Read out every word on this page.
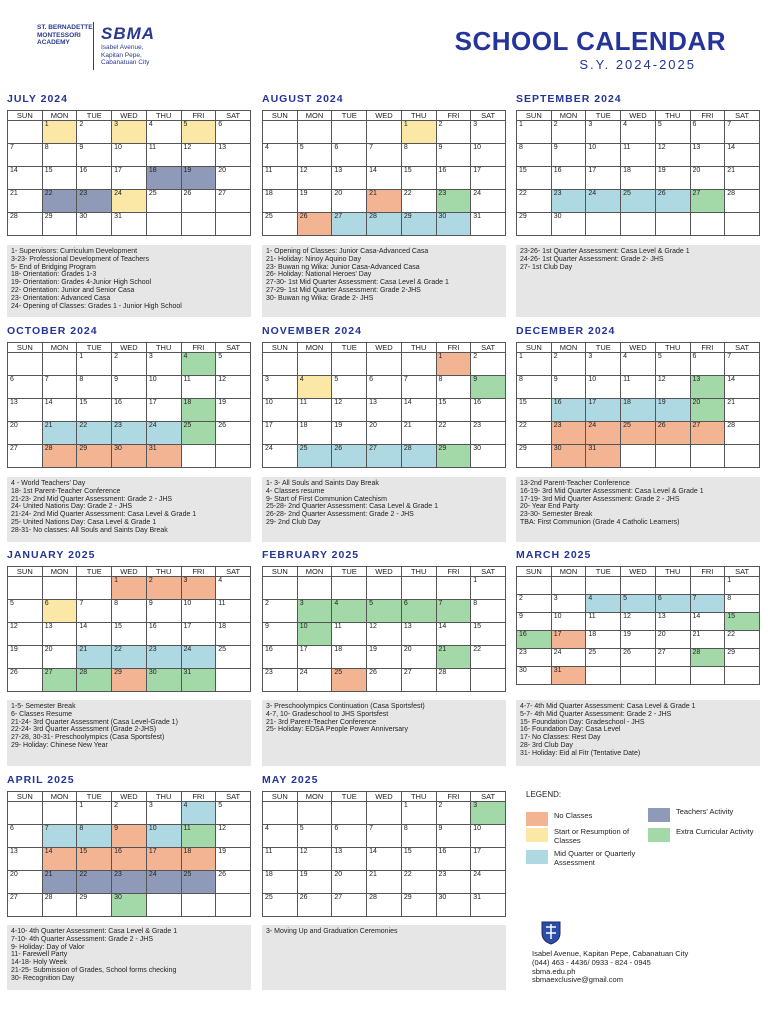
ST. BERNADETTE MONTESSORI ACADEMY	SBMA
Isabel Avenue,
Kapitan Pepe,
Cabanatuan City
SCHOOL CALENDAR
S.Y. 2024-2025
JULY 2024
SUN	MON	TUE	WED	THU	FRI	SAT
	1	2	3	4	5	6
7	8	9	10	11	12	13
14	15	16	17	18	19	20
21	22	23	24	25	26	27
28	29	30	31			
1- Supervisors: Curriculum Development
3-23- Professional Development of Teachers
5- End of Bridging Program
18- Orientation: Grades 1-3
19- Orientation: Grades 4-Junior High School
22- Orientation: Junior and Senior Casa
23- Orientation: Advanced Casa
24- Opening of Classes: Grades 1 - Junior High School
AUGUST 2024
SUN	MON	TUE	WED	THU	FRI	SAT
				1	2	3
4	5	6	7	8	9	10
11	12	13	14	15	16	17
18	19	20	21	22	23	24
25	26	27	28	29	30	31
1- Opening of Classes: Junior Casa-Advanced Casa
21- Holiday: Ninoy Aquino Day
23- Buwan ng Wika: Junior Casa-Advanced Casa
26- Holiday: National Heroes' Day
27-30- 1st Mid Quarter Assessment: Casa Level & Grade 1
27-29- 1st Mid Quarter Assessment: Grade 2-JHS
30- Buwan ng Wika: Grade 2- JHS
SEPTEMBER 2024
SUN	MON	TUE	WED	THU	FRI	SAT
1	2	3	4	5	6	7
8	9	10	11	12	13	14
15	16	17	18	19	20	21
22	23	24	25	26	27	28
29	30					
23-26- 1st Quarter Assessment: Casa Level & Grade 1
24-26- 1st Quarter Assessment: Grade 2- JHS
27- 1st Club Day
OCTOBER 2024
SUN	MON	TUE	WED	THU	FRI	SAT
		1	2	3	4	5
6	7	8	9	10	11	12
13	14	15	16	17	18	19
20	21	22	23	24	25	26
27	28	29	30	31		
4 - World Teachers' Day
18- 1st Parent-Teacher Conference
21-23- 2nd Mid Quarter Assessment: Grade 2 - JHS
24- United Nations Day: Grade 2 - JHS
21-24- 2nd Mid Quarter Assessment: Casa Level & Grade 1
25- United Nations Day: Casa Level & Grade 1
28-31- No classes: All Souls and Saints Day Break
NOVEMBER 2024
SUN	MON	TUE	WED	THU	FRI	SAT
					1	2
3	4	5	6	7	8	9
10	11	12	13	14	15	16
17	18	19	20	21	22	23
24	25	26	27	28	29	30
1- 3- All Souls and Saints Day Break
4- Classes resume
9- Start of First Communion Catechism
25-28- 2nd Quarter Assessment: Casa Level & Grade 1
26-28- 2nd Quarter Assessment: Grade 2 - JHS
29- 2nd Club Day
DECEMBER 2024
SUN	MON	TUE	WED	THU	FRI	SAT
1	2	3	4	5	6	7
8	9	10	11	12	13	14
15	16	17	18	19	20	21
22	23	24	25	26	27	28
29	30	31				
13-2nd Parent-Teacher Conference
16-19- 3rd Mid Quarter Assessment: Casa Level & Grade 1
17-19- 3rd Mid Quarter Assessment: Grade 2 - JHS
20- Year End Party
23-30- Semester Break
TBA: First Communion (Grade 4 Catholic Learners)
JANUARY 2025
SUN	MON	TUE	WED	THU	FRI	SAT
			1	2	3	4
5	6	7	8	9	10	11
12	13	14	15	16	17	18
19	20	21	22	23	24	25
26	27	28	29	30	31	
1-5- Semester Break
6- Classes Resume
21-24- 3rd Quarter Assessment (Casa Level-Grade 1)
22-24- 3rd Quarter Assessment (Grade 2-JHS)
27-28, 30-31- Preschoolympics (Casa Sportsfest)
29- Holiday: Chinese New Year
FEBRUARY 2025
SUN	MON	TUE	WED	THU	FRI	SAT
						1
2	3	4	5	6	7	8
9	10	11	12	13	14	15
16	17	18	19	20	21	22
23	24	25	26	27	28	
3- Preschoolympics Continuation (Casa Sportsfest)
4-7, 10- Gradeschool to JHS Sportsfest
21- 3rd Parent-Teacher Conference
25- Holiday: EDSA People Power Anniversary
MARCH 2025
SUN	MON	TUE	WED	THU	FRI	SAT
						1
2	3	4	5	6	7	8
9	10	11	12	13	14	15
16	17	18	19	20	21	22
23	24	25	26	27	28	29
30	31					
4-7- 4th Mid Quarter Assessment: Casa Level & Grade 1
5-7- 4th Mid Quarter Assessment: Grade 2 - JHS
15- Foundation Day: Gradeschool - JHS
16- Foundation Day: Casa Level
17- No Classes: Rest Day
28- 3rd Club Day
31- Holiday: Eid al Fitr (Tentative Date)
APRIL 2025
SUN	MON	TUE	WED	THU	FRI	SAT
		1	2	3	4	5
6	7	8	9	10	11	12
13	14	15	16	17	18	19
20	21	22	23	24	25	26
27	28	29	30			
4-10- 4th Quarter Assessment: Casa Level & Grade 1
7-10- 4th Quarter Assessment: Grade 2 - JHS
9- Holiday: Day of Valor
11- Farewell Party
14-18- Holy Week
21-25- Submission of Grades, School forms checking
30- Recognition Day
MAY 2025
SUN	MON	TUE	WED	THU	FRI	SAT
				1	2	3
4	5	6	7	8	9	10
11	12	13	14	15	16	17
18	19	20	21	22	23	24
25	26	27	28	29	30	31
3- Moving Up and Graduation Ceremonies
LEGEND:
No Classes
Start or Resumption of Classes
Mid Quarter or Quarterly Assessment
Teachers' Activity
Extra Curricular Activity
Isabel Avenue, Kapitan Pepe, Cabanatuan City
(044) 463 - 4436/ 0933 - 824 - 0945
sbma.edu.ph
sbmaexclusive@gmail.com
